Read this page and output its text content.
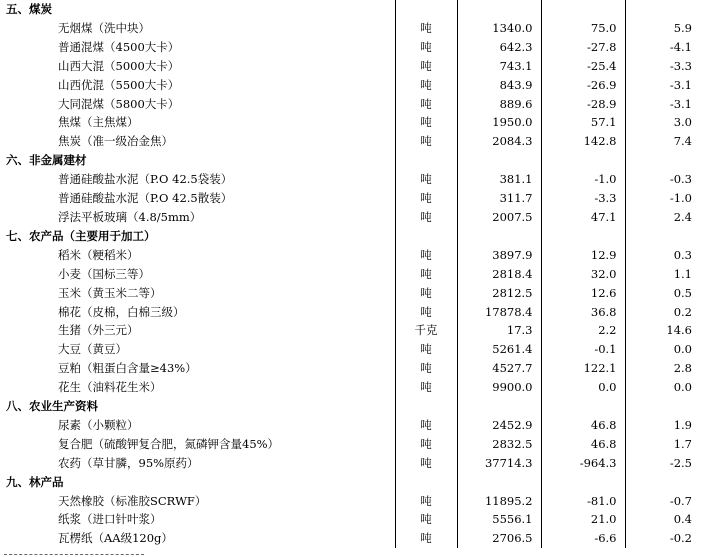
五、煤炭				
无烟煤（洗中块）	吨	1340.0	75.0	5.9
普通混煤（4500大卡）	吨	642.3	-27.8	-4.1
山西大混（5000大卡）	吨	743.1	-25.4	-3.3
山西优混（5500大卡）	吨	843.9	-26.9	-3.1
大同混煤（5800大卡）	吨	889.6	-28.9	-3.1
焦煤（主焦煤）	吨	1950.0	57.1	3.0
焦炭（准一级冶金焦）	吨	2084.3	142.8	7.4
六、非金属建材				
普通硅酸盐水泥（P.O 42.5袋装）	吨	381.1	-1.0	-0.3
普通硅酸盐水泥（P.O 42.5散装）	吨	311.7	-3.3	-1.0
浮法平板玻璃（4.8/5mm）	吨	2007.5	47.1	2.4
七、农产品（主要用于加工）				
稻米（粳稻米）	吨	3897.9	12.9	0.3
小麦（国标三等）	吨	2818.4	32.0	1.1
玉米（黄玉米二等）	吨	2812.5	12.6	0.5
棉花（皮棉，白棉三级）	吨	17878.4	36.8	0.2
生猪（外三元）	千克	17.3	2.2	14.6
大豆（黄豆）	吨	5261.4	-0.1	0.0
豆粕（粗蛋白含量≥43%）	吨	4527.7	122.1	2.8
花生（油料花生米）	吨	9900.0	0.0	0.0
八、农业生产资料				
尿素（小颗粒）	吨	2452.9	46.8	1.9
复合肥（硫酸钾复合肥，氮磷钾含量45%）	吨	2832.5	46.8	1.7
农药（草甘膦，95%原药）	吨	37714.3	-964.3	-2.5
九、林产品				
天然橡胶（标准胶SCRWF）	吨	11895.2	-81.0	-0.7
纸浆（进口针叶浆）	吨	5556.1	21.0	0.4
瓦楞纸（AA级120g）	吨	2706.5	-6.6	-0.2
